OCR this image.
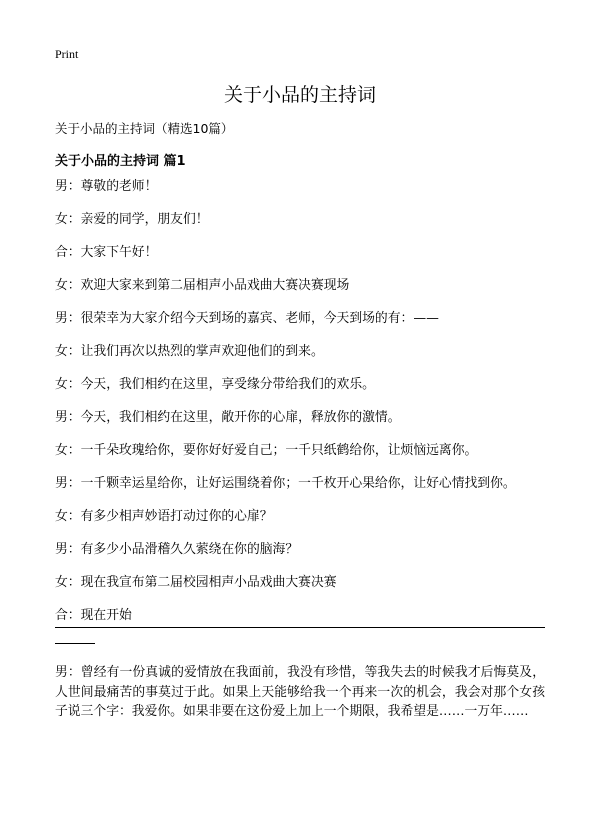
Print
关于小品的主持词
关于小品的主持词（精选10篇）
关于小品的主持词 篇1
男：尊敬的老师！
女：亲爱的同学，朋友们！
合：大家下午好！
女：欢迎大家来到第二届相声小品戏曲大赛决赛现场
男：很荣幸为大家介绍今天到场的嘉宾、老师，今天到场的有：——
女：让我们再次以热烈的掌声欢迎他们的到来。
女：今天，我们相约在这里，享受缘分带给我们的欢乐。
男：今天，我们相约在这里，敞开你的心扉，释放你的激情。
女：一千朵玫瑰给你，要你好好爱自己；一千只纸鹤给你，让烦恼远离你。
男：一千颗幸运星给你，让好运围绕着你；一千枚开心果给你，让好心情找到你。
女：有多少相声妙语打动过你的心扉？
男：有多少小品滑稽久久萦绕在你的脑海？
女：现在我宣布第二届校园相声小品戏曲大赛决赛
合：现在开始

男：曾经有一份真诚的爱情放在我面前，我没有珍惜，等我失去的时候我才后悔莫及，人世间最痛苦的事莫过于此。如果上天能够给我一个再来一次的机会，我会对那个女孩子说三个字：我爱你。如果非要在这份爱上加上一个期限，我希望是……一万年……
